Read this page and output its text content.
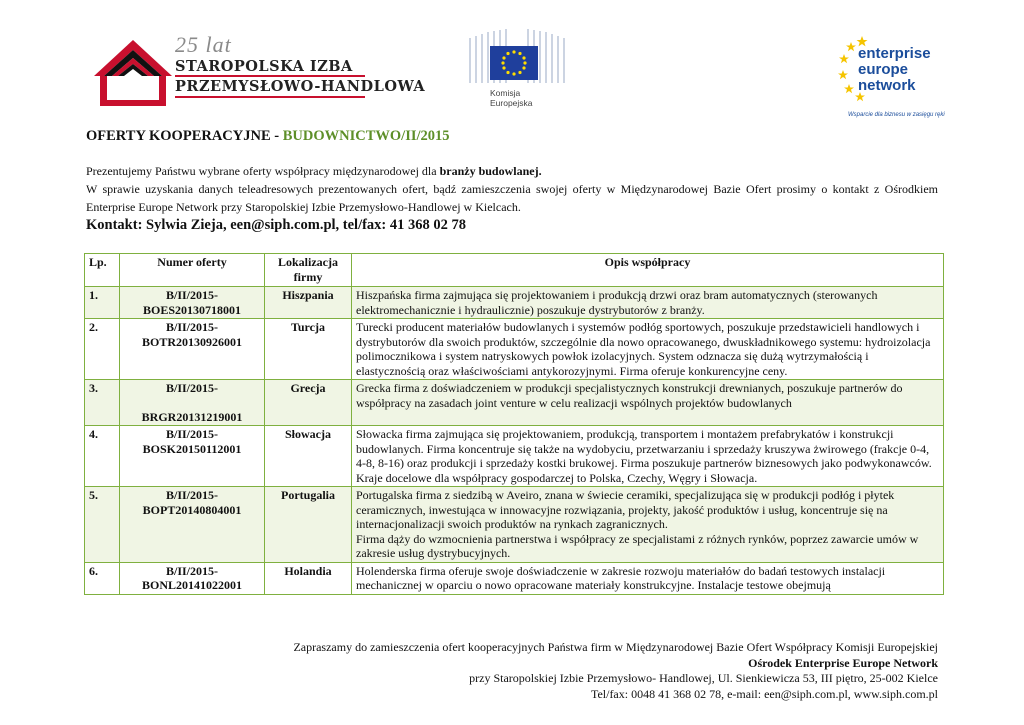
25 lat
STAROPOLSKA IZBA
PRZEMYSŁOWO-HANDLOWA	Komisja
Europejska
enterprise
europe
network
Wsparcie dla biznesu w zasięgu ręki
OFERTY KOOPERACYJNE - BUDOWNICTWO/II/2015

Prezentujemy Państwu wybrane oferty współpracy międzynarodowej dla branży budowlanej.

W sprawie uzyskania danych teleadresowych prezentowanych ofert, bądź zamieszczenia swojej oferty w Międzynarodowej Bazie Ofert prosimy o kontakt z Ośrodkiem Enterprise Europe Network przy Staropolskiej Izbie Przemysłowo-Handlowej w Kielcach.

Kontakt: Sylwia Zieja, een@siph.com.pl, tel/fax: 41 368 02 78
Lp.	Numer oferty	Lokalizacja firmy	Opis współpracy
1.	B/II/2015-
BOES20130718001	Hiszpania	Hiszpańska firma zajmująca się projektowaniem i produkcją drzwi oraz bram automatycznych (sterowanych elektromechanicznie i hydraulicznie) poszukuje dystrybutorów z branży.
2.	B/II/2015-
BOTR20130926001	Turcja	Turecki producent materiałów budowlanych i systemów podłóg sportowych, poszukuje przedstawicieli handlowych i dystrybutorów dla swoich produktów, szczególnie dla nowo opracowanego, dwuskładnikowego systemu: hydroizolacja polimocznikowa i system natryskowych powłok izolacyjnych. System odznacza się dużą wytrzymałością i elastycznością oraz właściwościami antykorozyjnymi. Firma oferuje konkurencyjne ceny.
3.	B/II/2015-
BRGR20131219001	Grecja	Grecka firma z doświadczeniem w produkcji specjalistycznych konstrukcji drewnianych, poszukuje partnerów do współpracy na zasadach joint venture w celu realizacji wspólnych projektów budowlanych
4.	B/II/2015-
BOSK20150112001	Słowacja	Słowacka firma zajmująca się projektowaniem, produkcją, transportem i montażem prefabrykatów i konstrukcji budowlanych. Firma koncentruje się także na wydobyciu, przetwarzaniu i sprzedaży kruszywa żwirowego (frakcje 0-4, 4-8, 8-16) oraz produkcji i sprzedaży kostki brukowej. Firma poszukuje partnerów biznesowych jako podwykonawców. Kraje docelowe dla współpracy gospodarczej to Polska, Czechy, Węgry i Słowacja.
5.	B/II/2015-
BOPT20140804001	Portugalia	Portugalska firma z siedzibą w Aveiro, znana w świecie ceramiki, specjalizująca się w produkcji podłóg i płytek ceramicznych, inwestująca w innowacyjne rozwiązania, projekty, jakość produktów i usług, koncentruje się na internacjonalizacji swoich produktów na rynkach zagranicznych.
Firma dąży do wzmocnienia partnerstwa i współpracy ze specjalistami z różnych rynków, poprzez zawarcie umów w zakresie usług dystrybucyjnych.
6.	B/II/2015-
BONL20141022001	Holandia	Holenderska firma oferuje swoje doświadczenie w zakresie rozwoju materiałów do badań testowych instalacji mechanicznej w oparciu o nowo opracowane materiały konstrukcyjne. Instalacje testowe obejmują
Zapraszamy do zamieszczenia ofert kooperacyjnych Państwa firm w Międzynarodowej Bazie Ofert Współpracy Komisji Europejskiej
Ośrodek Enterprise Europe Network
przy Staropolskiej Izbie Przemysłowo- Handlowej, Ul. Sienkiewicza 53, III piętro, 25-002 Kielce
Tel/fax: 0048 41 368 02 78, e-mail: een@siph.com.pl, www.siph.com.pl
